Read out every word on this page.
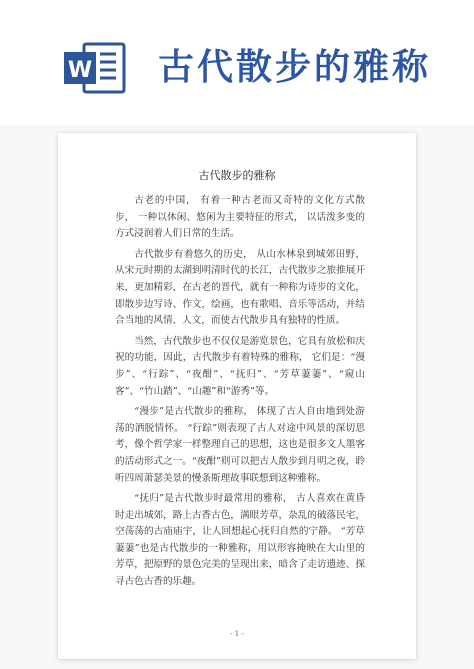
W 古代散步的雅称
古代散步的雅称

古老的中国， 有着一种古老而又奇特的文化方式散步， 一种以休闲、悠闲为主要特征的形式， 以话泼多变的方式浸润着人们日常的生活。

古代散步有着悠久的历史， 从山水林泉到城郊田野， 从宋元时期的太湖到明清时代的长江，古代散步之旅推展开来，更加精彩，在古老的晋代，就有一种称为诗步的文化，即散步边写诗、作文，绘画，也有歌唱、音乐等活动，并结合当地的风情、人文，而使古代散步具有独特的性质。

当然，古代散步也不仅仅是游览景色，它具有放松和庆祝的功能，因此，古代散步有着特殊的雅称， 它们是：“漫步”、“行踪”、“夜酣”、“抚归”、“芳草萋萋”、“窥山客”、“竹山踏”、“山趣”和“游秀”等。

“漫步”是古代散步的雅称， 体现了古人自由地到处游荡的洒脱情怀。 “行踪”则表现了古人对途中风景的深切思考，像个哲学家一样整理自己的思想，这也是很多文人墨客的活动形式之一。“夜酣”则可以把古人散步到月明之夜，聆听四周萧瑟美景的慢条斯理故事联想到这种雅称。

“抚归”是古代散步时最常用的雅称， 古人喜欢在黄昏时走出城郊，路上古香古色，满眼芳草，杂乱的破落民宅，空荡荡的古庙庙宇，让人回想起心抚归自然的宁静。 “芳草萋萋”也是古代散步的一种雅称，用以形容掩映在大山里的芳草，把原野的景色完美的呈现出来，暗含了走访遗迹、探寻古色古香的乐趣。

- 1 -
